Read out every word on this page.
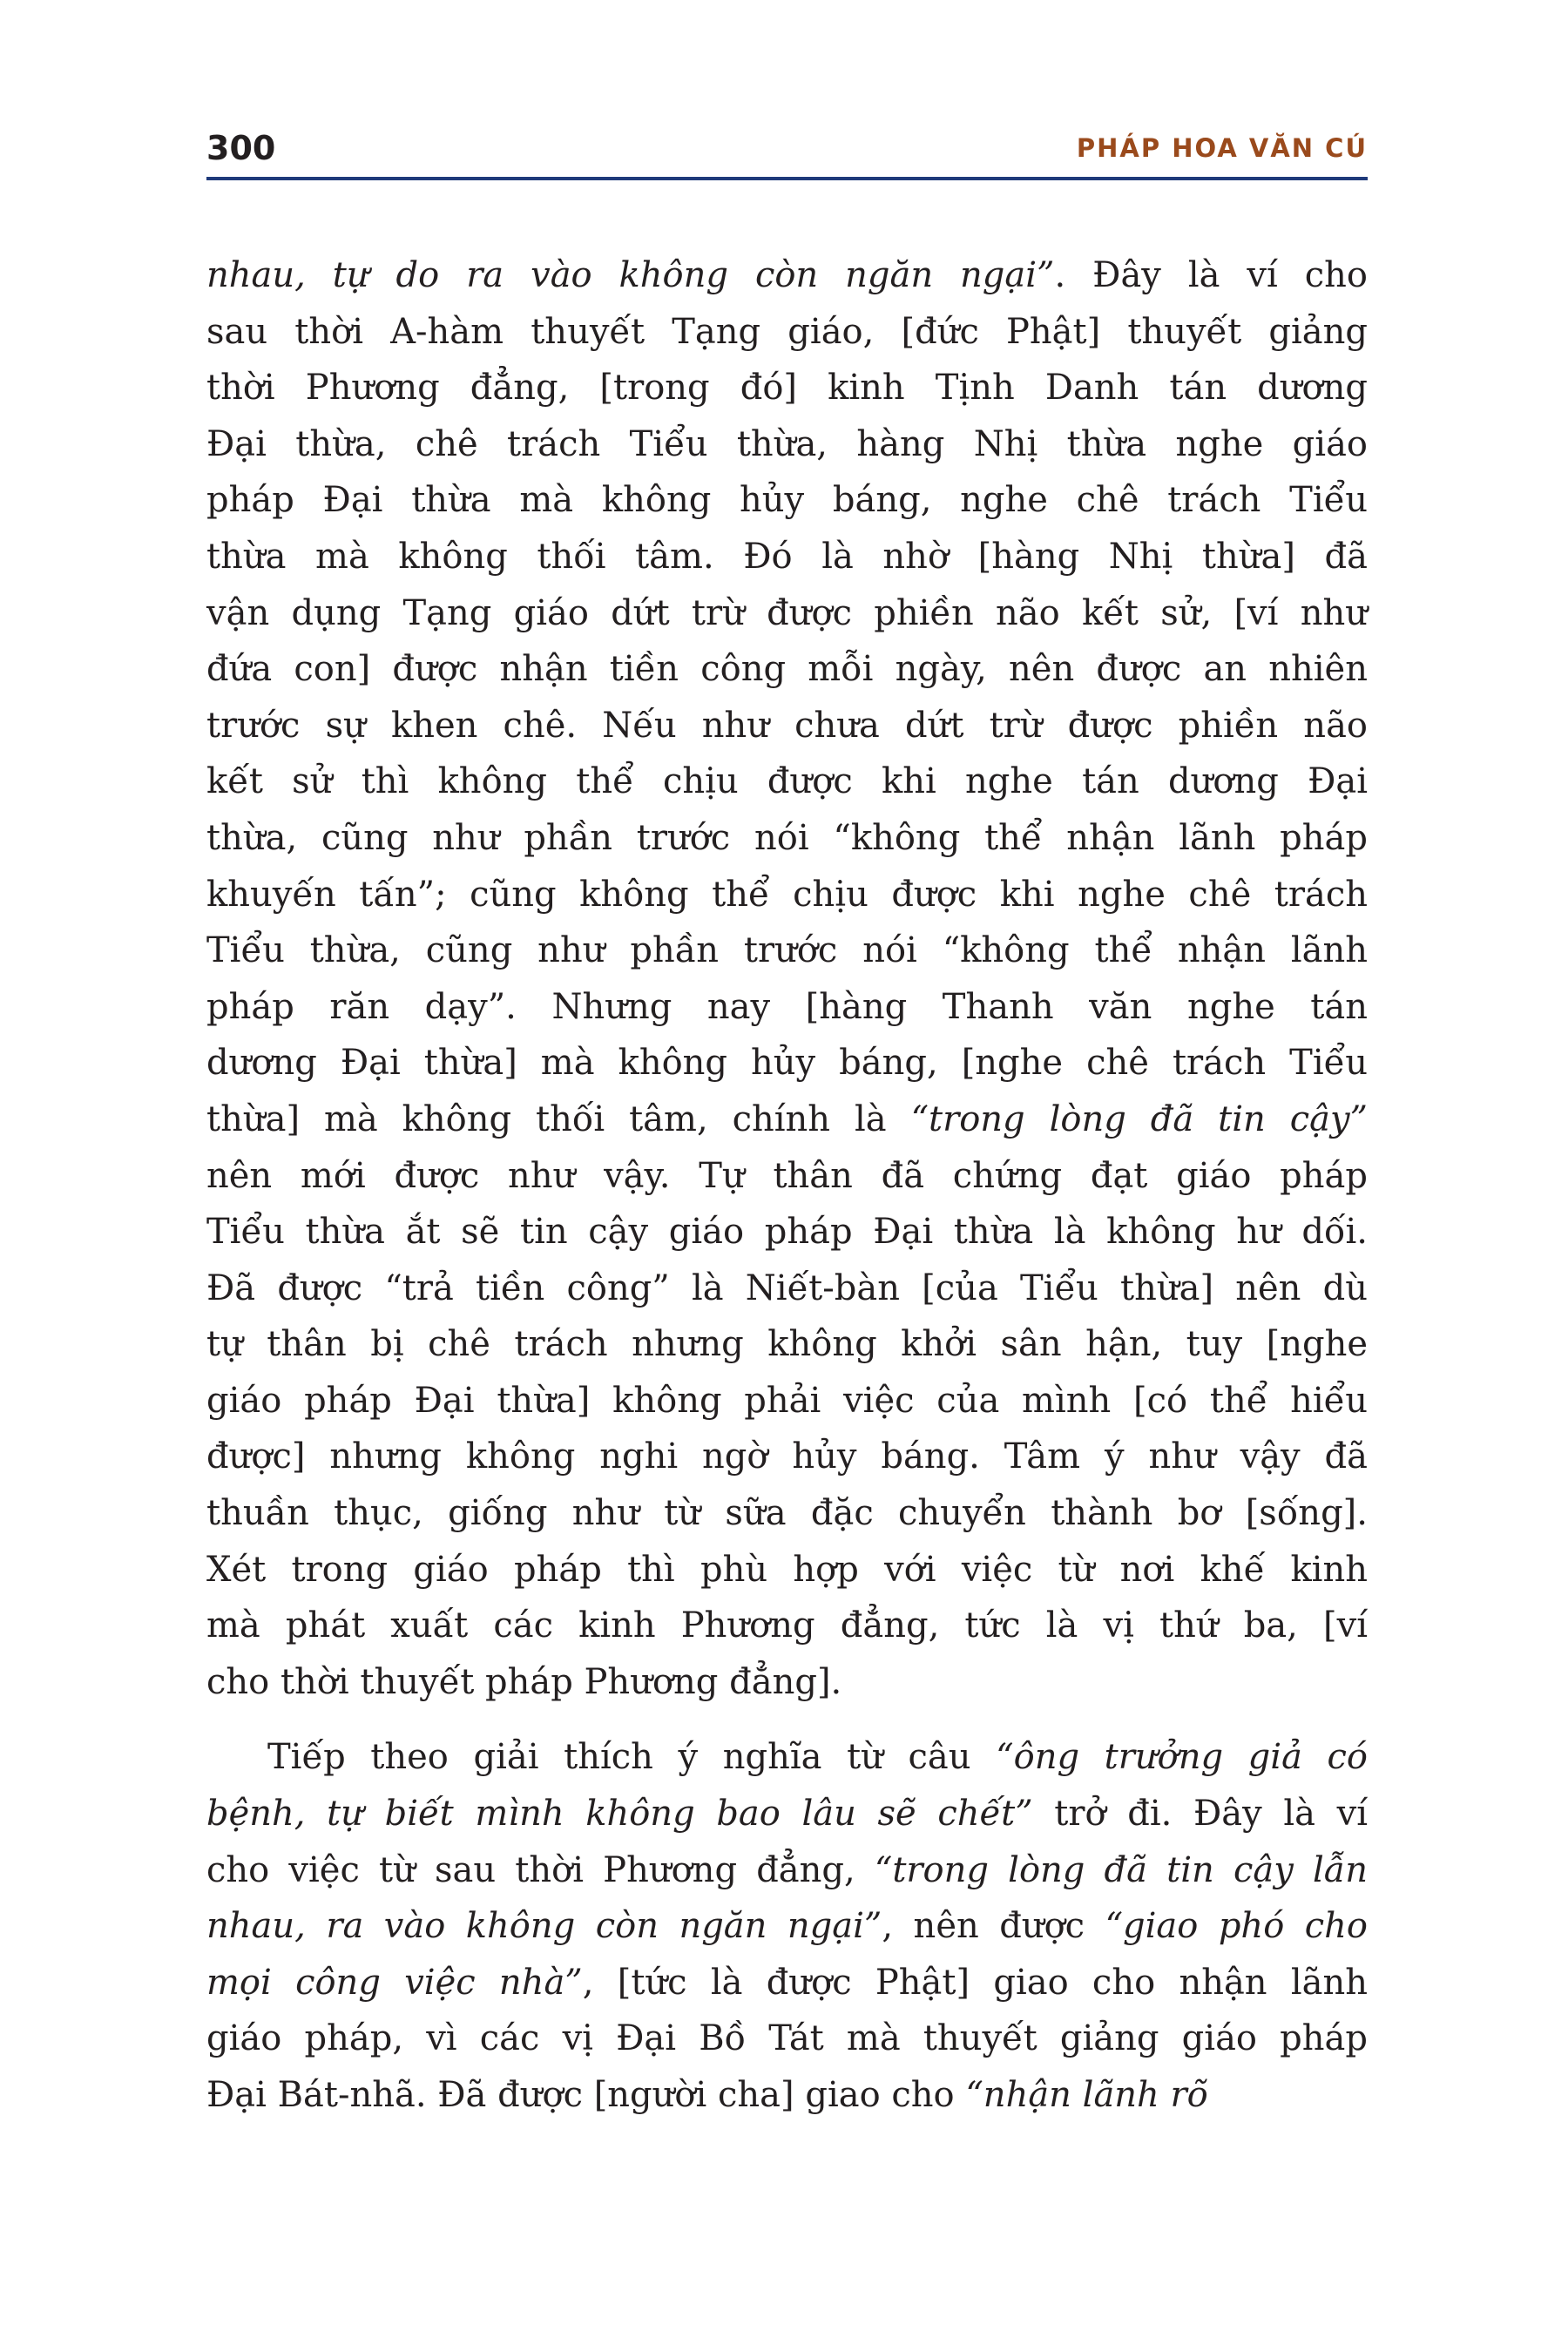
300	PHÁP HOA VĂN CÚ
nhau, tự do ra vào không còn ngăn ngại”. Đây là ví cho
sau thời A-hàm thuyết Tạng giáo, [đức Phật] thuyết giảng
thời Phương đẳng, [trong đó] kinh Tịnh Danh tán dương
Đại thừa, chê trách Tiểu thừa, hàng Nhị thừa nghe giáo
pháp Đại thừa mà không hủy báng, nghe chê trách Tiểu
thừa mà không thối tâm. Đó là nhờ [hàng Nhị thừa] đã
vận dụng Tạng giáo dứt trừ được phiền não kết sử, [ví như
đứa con] được nhận tiền công mỗi ngày, nên được an nhiên
trước sự khen chê. Nếu như chưa dứt trừ được phiền não
kết sử thì không thể chịu được khi nghe tán dương Đại
thừa, cũng như phần trước nói “không thể nhận lãnh pháp
khuyến tấn”; cũng không thể chịu được khi nghe chê trách
Tiểu thừa, cũng như phần trước nói “không thể nhận lãnh
pháp răn dạy”. Nhưng nay [hàng Thanh văn nghe tán
dương Đại thừa] mà không hủy báng, [nghe chê trách Tiểu
thừa] mà không thối tâm, chính là “trong lòng đã tin cậy”
nên mới được như vậy. Tự thân đã chứng đạt giáo pháp
Tiểu thừa ắt sẽ tin cậy giáo pháp Đại thừa là không hư dối.
Đã được “trả tiền công” là Niết-bàn [của Tiểu thừa] nên dù
tự thân bị chê trách nhưng không khởi sân hận, tuy [nghe
giáo pháp Đại thừa] không phải việc của mình [có thể hiểu
được] nhưng không nghi ngờ hủy báng. Tâm ý như vậy đã
thuần thục, giống như từ sữa đặc chuyển thành bơ [sống].
Xét trong giáo pháp thì phù hợp với việc từ nơi khế kinh
mà phát xuất các kinh Phương đẳng, tức là vị thứ ba, [ví
cho thời thuyết pháp Phương đẳng].
Tiếp theo giải thích ý nghĩa từ câu “ông trưởng giả có
bệnh, tự biết mình không bao lâu sẽ chết” trở đi. Đây là ví
cho việc từ sau thời Phương đẳng, “trong lòng đã tin cậy lẫn
nhau, ra vào không còn ngăn ngại”, nên được “giao phó cho
mọi công việc nhà”, [tức là được Phật] giao cho nhận lãnh
giáo pháp, vì các vị Đại Bồ Tát mà thuyết giảng giáo pháp
Đại Bát-nhã. Đã được [người cha] giao cho “nhận lãnh rõ
